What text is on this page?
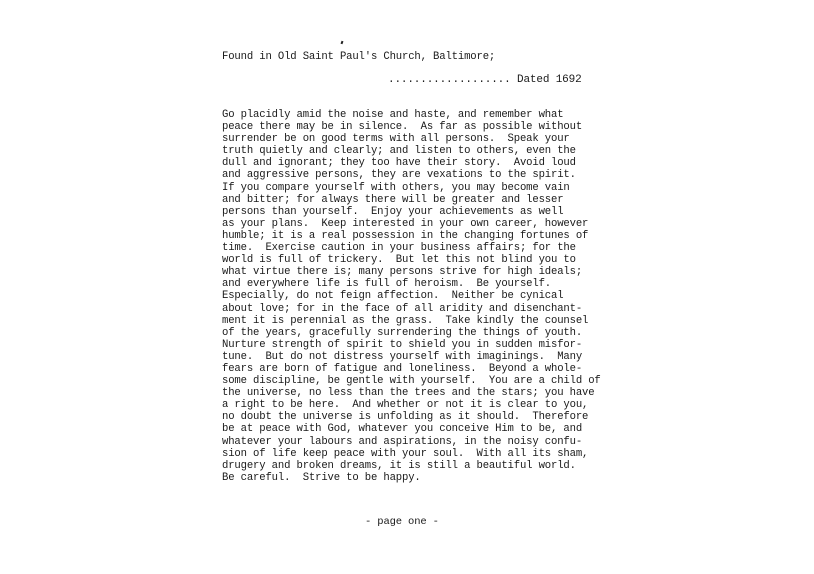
Found in Old Saint Paul's Church, Baltimore;
................... Dated 1692
Go placidly amid the noise and haste, and remember what
peace there may be in silence.  As far as possible without
surrender be on good terms with all persons.  Speak your
truth quietly and clearly; and listen to others, even the
dull and ignorant; they too have their story.  Avoid loud
and aggressive persons, they are vexations to the spirit.
If you compare yourself with others, you may become vain
and bitter; for always there will be greater and lesser
persons than yourself.  Enjoy your achievements as well
as your plans.  Keep interested in your own career, however
humble; it is a real possession in the changing fortunes of
time.  Exercise caution in your business affairs; for the
world is full of trickery.  But let this not blind you to
what virtue there is; many persons strive for high ideals;
and everywhere life is full of heroism.  Be yourself.
Especially, do not feign affection.  Neither be cynical
about love; for in the face of all aridity and disenchant-
ment it is perennial as the grass.  Take kindly the counsel
of the years, gracefully surrendering the things of youth.
Nurture strength of spirit to shield you in sudden misfor-
tune.  But do not distress yourself with imaginings.  Many
fears are born of fatigue and loneliness.  Beyond a whole-
some discipline, be gentle with yourself.  You are a child of
the universe, no less than the trees and the stars; you have
a right to be here.  And whether or not it is clear to you,
no doubt the universe is unfolding as it should.  Therefore
be at peace with God, whatever you conceive Him to be, and
whatever your labours and aspirations, in the noisy confu-
sion of life keep peace with your soul.  With all its sham,
drugery and broken dreams, it is still a beautiful world.
Be careful.  Strive to be happy.
- page one -
